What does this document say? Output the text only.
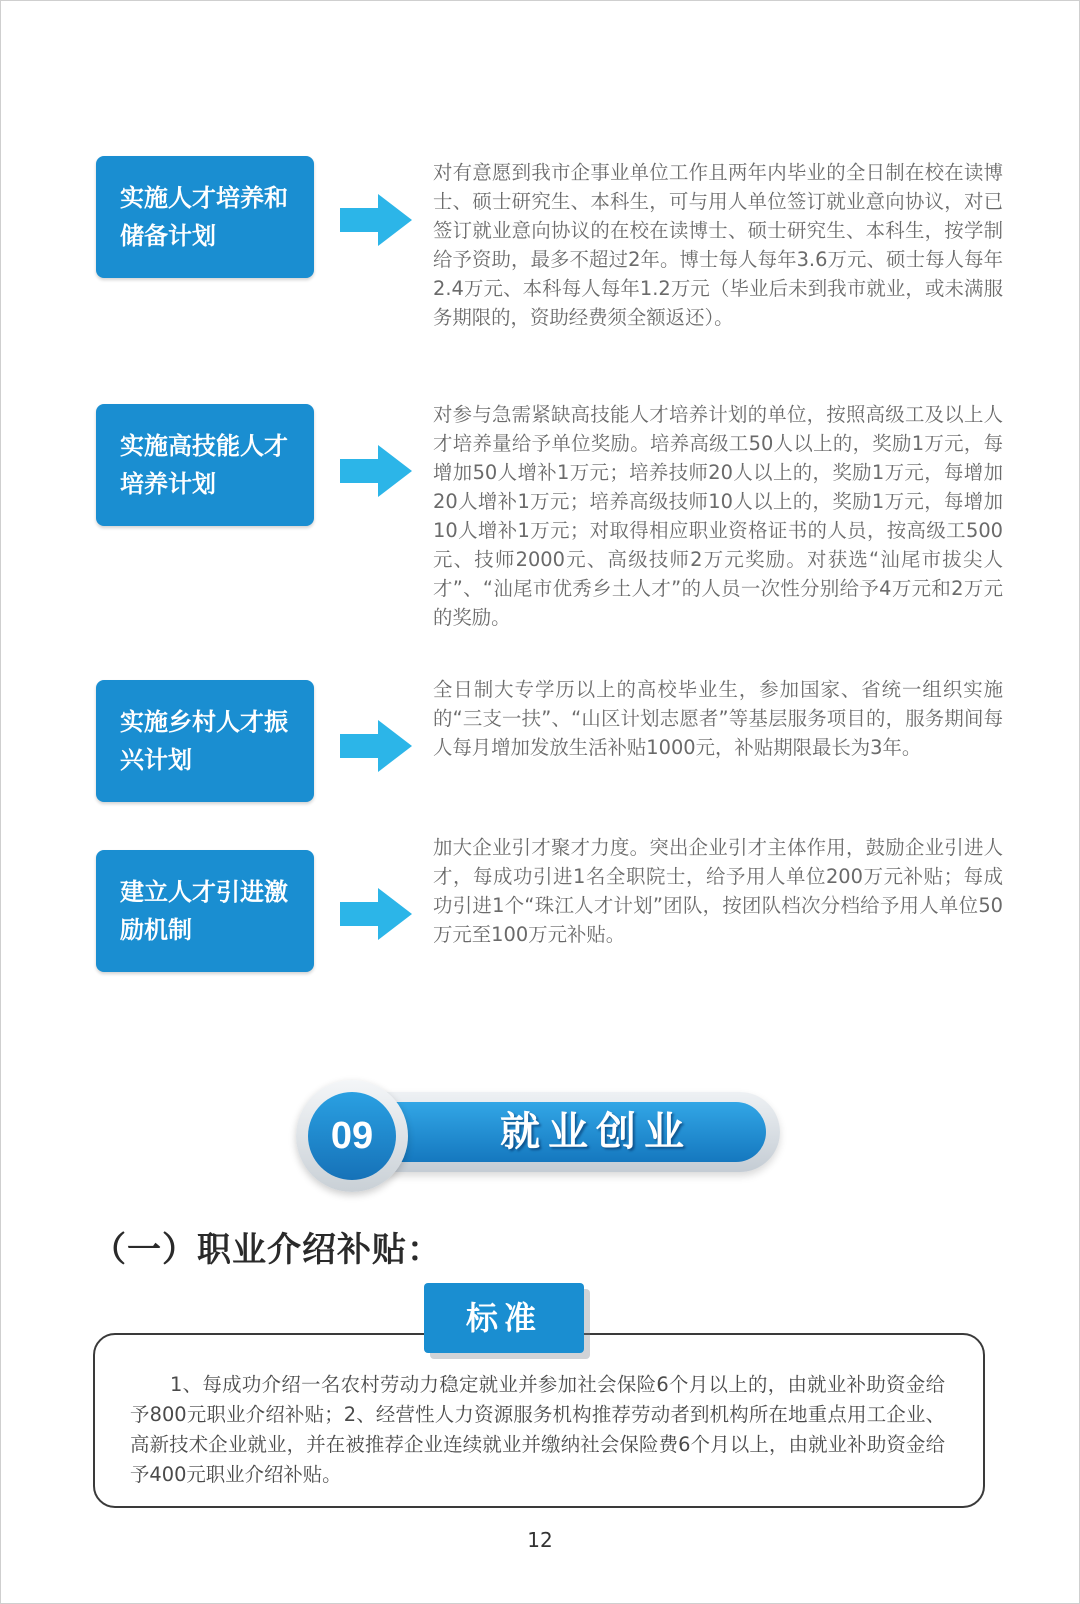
实施人才培养和储备计划
对有意愿到我市企事业单位工作且两年内毕业的全日制在校在读博士、硕士研究生、本科生，可与用人单位签订就业意向协议，对已签订就业意向协议的在校在读博士、硕士研究生、本科生，按学制给予资助，最多不超过2年。博士每人每年3.6万元、硕士每人每年2.4万元、本科每人每年1.2万元（毕业后未到我市就业，或未满服务期限的，资助经费须全额返还）。
实施高技能人才培养计划
对参与急需紧缺高技能人才培养计划的单位，按照高级工及以上人才培养量给予单位奖励。培养高级工50人以上的，奖励1万元，每增加50人增补1万元；培养技师20人以上的，奖励1万元，每增加20人增补1万元；培养高级技师10人以上的，奖励1万元，每增加10人增补1万元；对取得相应职业资格证书的人员，按高级工500元、技师2000元、高级技师2万元奖励。对获选“汕尾市拔尖人才”、“汕尾市优秀乡土人才”的人员一次性分别给予4万元和2万元的奖励。
实施乡村人才振兴计划
全日制大专学历以上的高校毕业生，参加国家、省统一组织实施的“三支一扶”、“山区计划志愿者”等基层服务项目的，服务期间每人每月增加发放生活补贴1000元，补贴期限最长为3年。
建立人才引进激励机制
加大企业引才聚才力度。突出企业引才主体作用，鼓励企业引进人才，每成功引进1名全职院士，给予用人单位200万元补贴；每成功引进1个“珠江人才计划”团队，按团队档次分档给予用人单位50万元至100万元补贴。
就业创业
09
（一）职业介绍补贴：
标准
1、每成功介绍一名农村劳动力稳定就业并参加社会保险6个月以上的，由就业补助资金给予800元职业介绍补贴；2、经营性人力资源服务机构推荐劳动者到机构所在地重点用工企业、高新技术企业就业，并在被推荐企业连续就业并缴纳社会保险费6个月以上，由就业补助资金给予400元职业介绍补贴。
12
